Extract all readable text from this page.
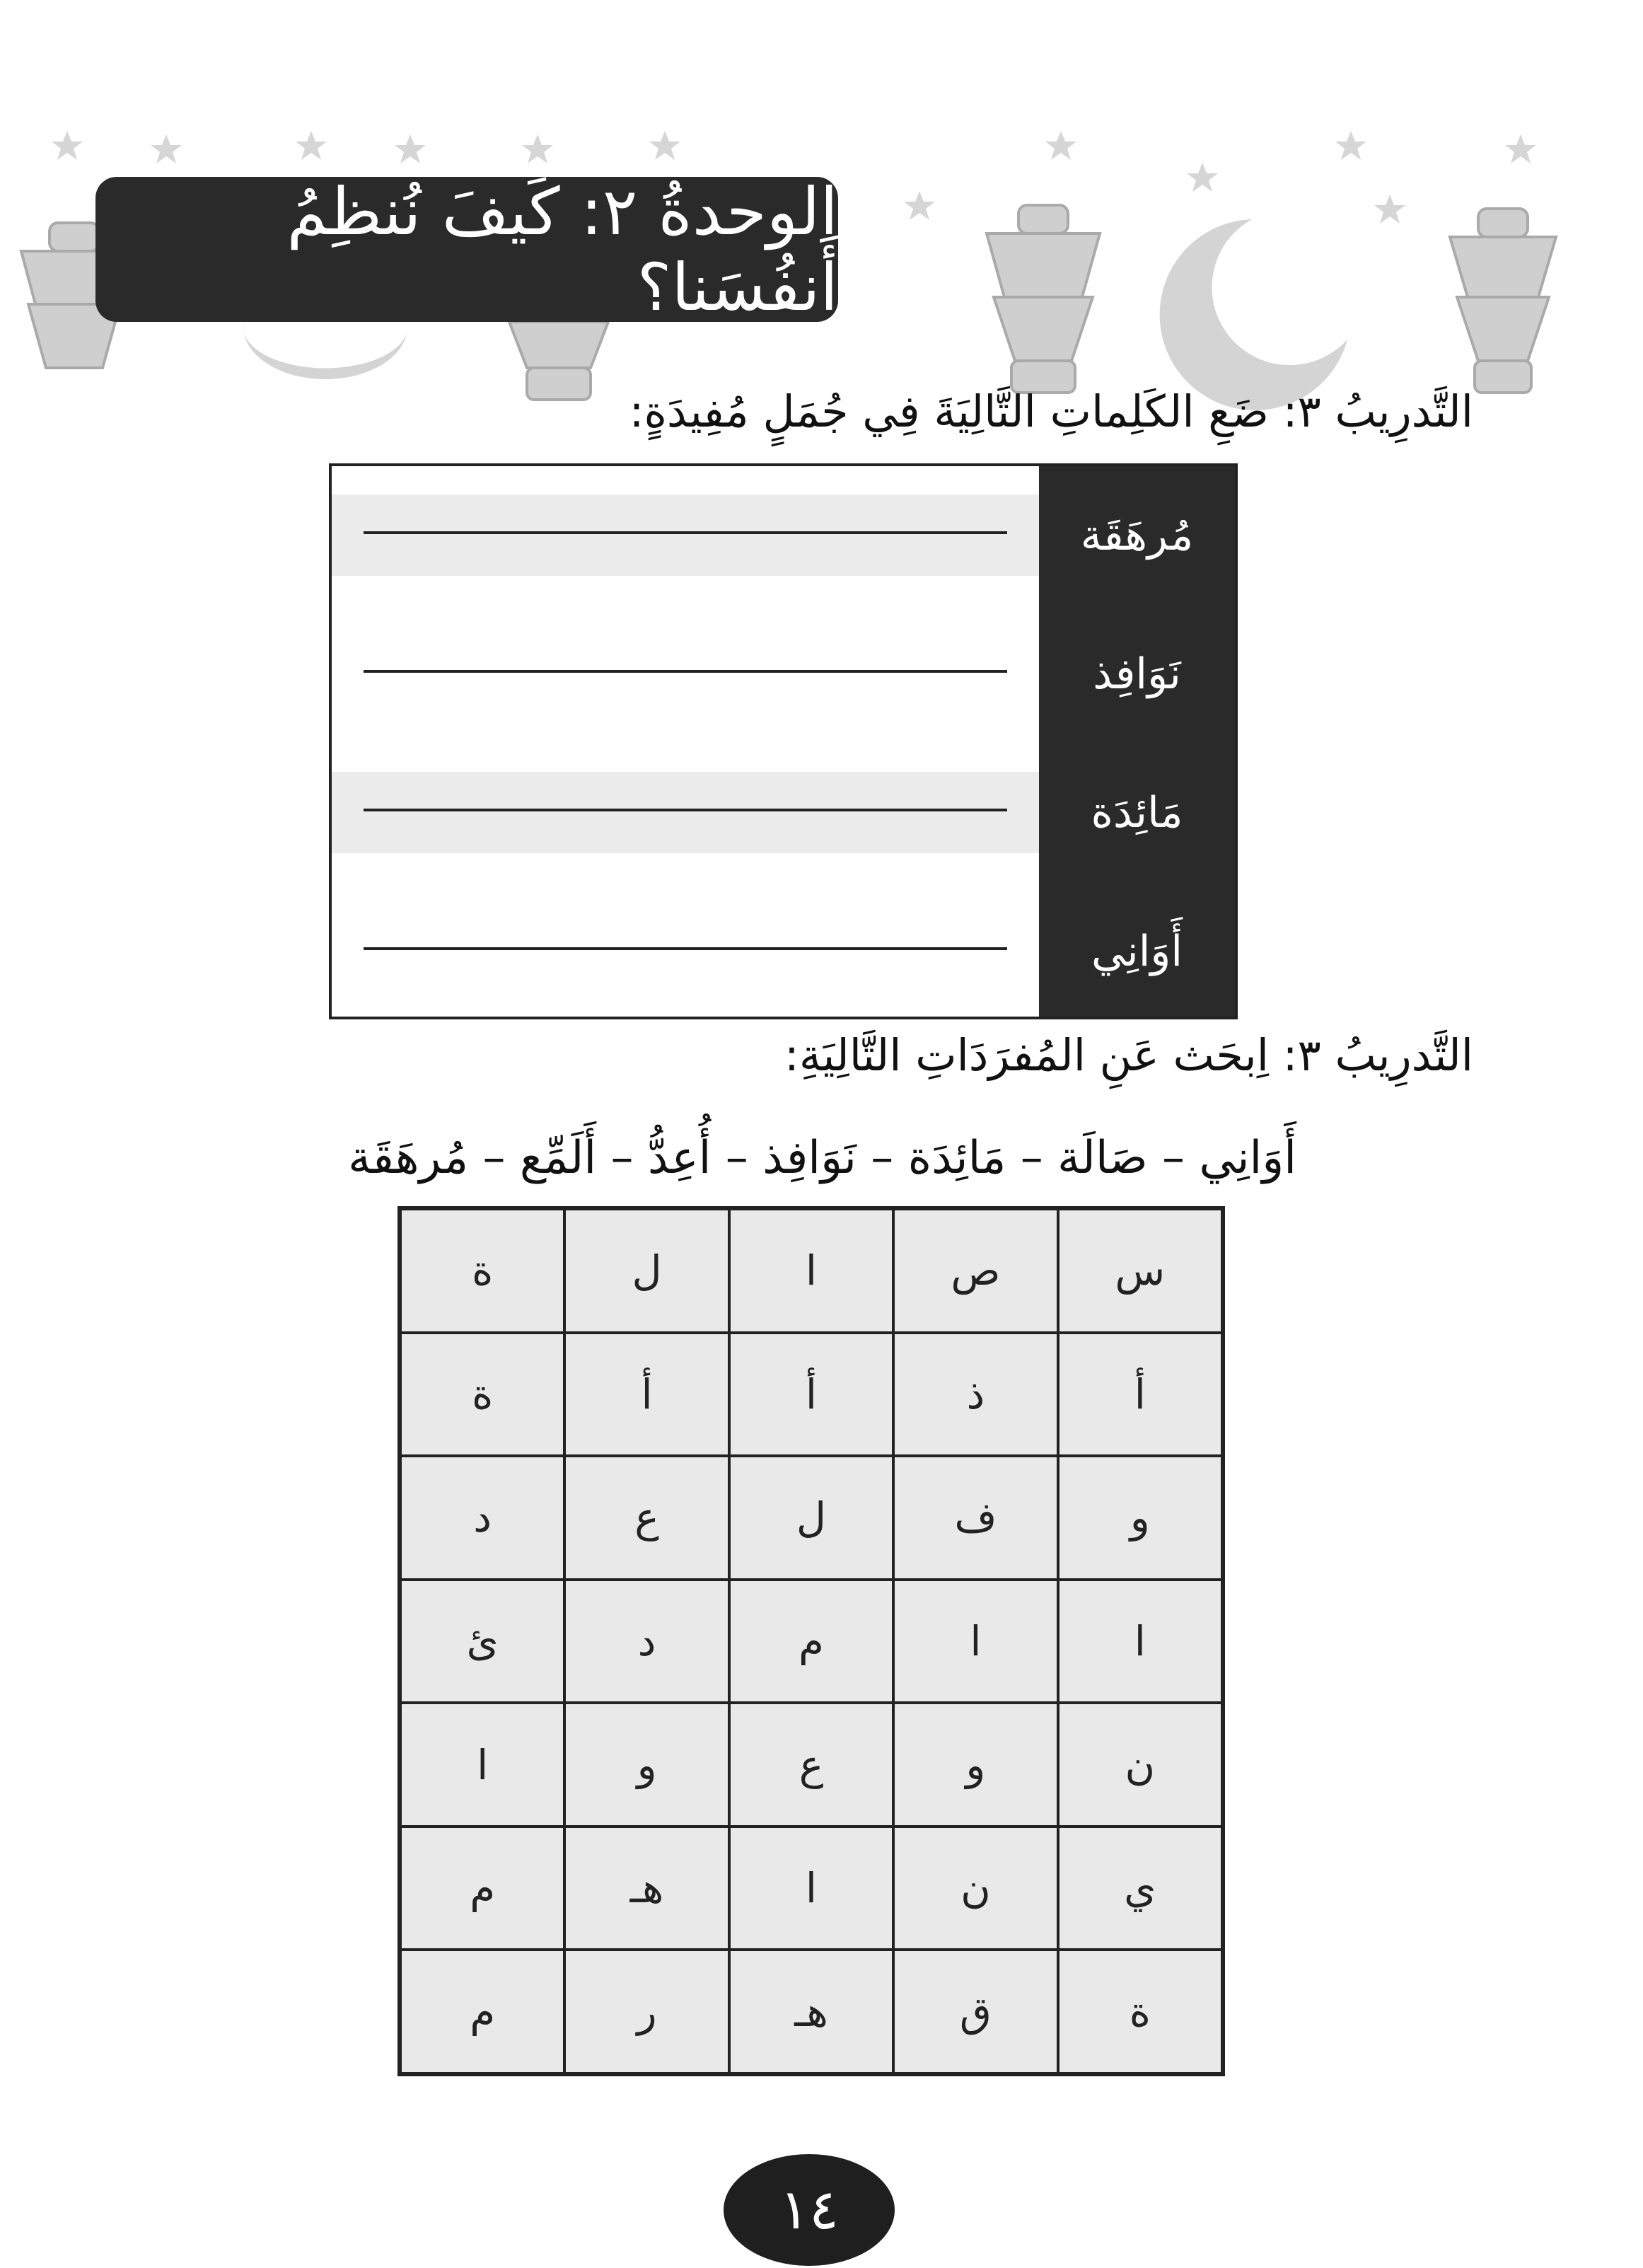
الوحدةُ ٢: كَيفَ نُنظِمُ أَنفُسَنا؟
التَّدرِيبُ ٣: ضَعِ الكَلِماتِ التَّالِيَةَ فِي جُمَلٍ مُفِيدَةٍ:
مُرهَقَة
نَوَافِذ
مَائِدَة
أَوَانِي
التَّدرِيبُ ٣: اِبحَث عَنِ المُفرَدَاتِ التَّالِيَةِ:
أَوَانِي – صَالَة – مَائِدَة – نَوَافِذ – أُعِدُّ – أَلَمِّع – مُرهَقَة
ة	ل	ا	ص	س
ة	أ	أ	ذ	أ
د	ع	ل	ف	و
ئ	د	م	ا	ا
ا	و	ع	و	ن
م	هـ	ا	ن	ي
م	ر	هـ	ق	ة
١٤
